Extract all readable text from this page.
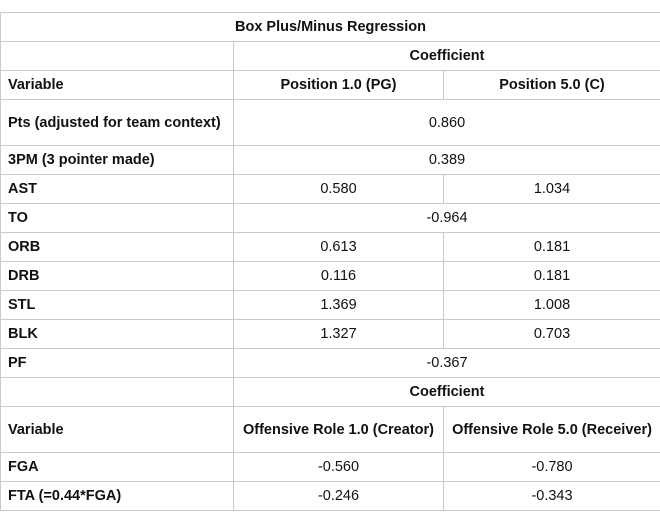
Box Plus/Minus Regression		
	Coefficient	
Variable	Position 1.0 (PG)	Position 5.0 (C)
Pts (adjusted for team context)	0.860	
3PM (3 pointer made)	0.389	
AST	0.580	1.034
TO	-0.964	
ORB	0.613	0.181
DRB	0.116	0.181
STL	1.369	1.008
BLK	1.327	0.703
PF	-0.367	
	Coefficient	
Variable	Offensive Role 1.0 (Creator)	Offensive Role 5.0 (Receiver)
FGA	-0.560	-0.780
FTA (=0.44*FGA)	-0.246	-0.343
